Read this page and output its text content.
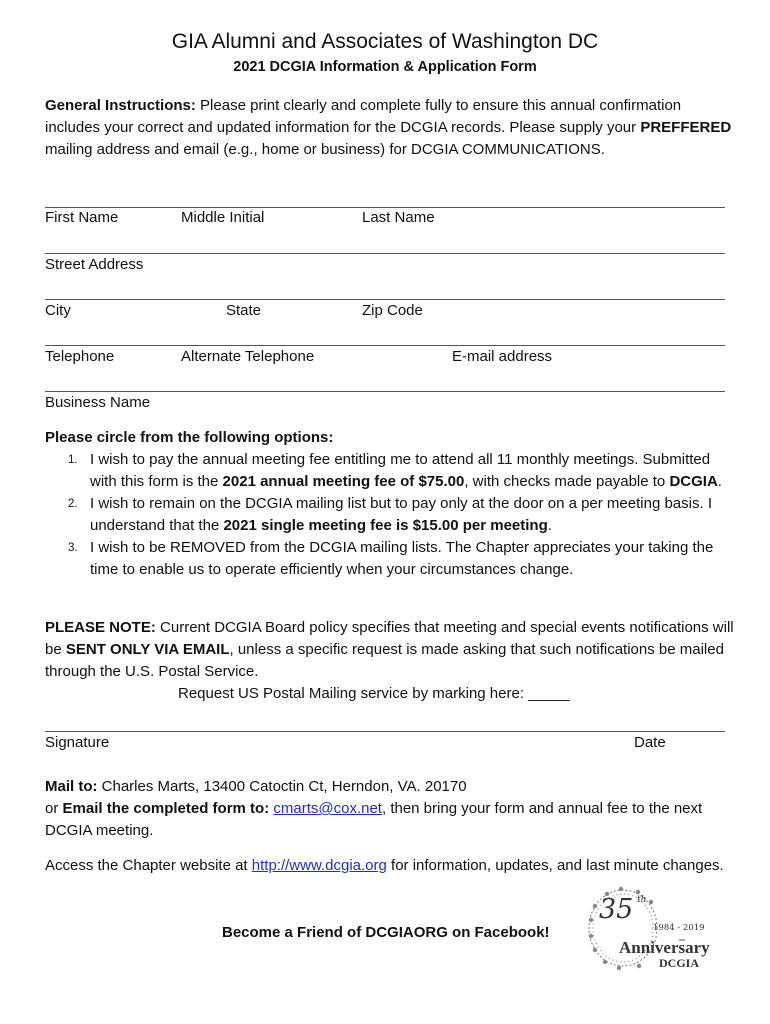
GIA Alumni and Associates of Washington DC
2021 DCGIA Information & Application Form
General Instructions: Please print clearly and complete fully to ensure this annual confirmation includes your correct and updated information for the DCGIA records. Please supply your PREFFERED mailing address and email (e.g., home or business) for DCGIA COMMUNICATIONS.
First Name	Middle Initial	Last Name
Street Address
City	State	Zip Code
Telephone	Alternate Telephone	E-mail address
Business Name
Please circle from the following options:
1. I wish to pay the annual meeting fee entitling me to attend all 11 monthly meetings. Submitted with this form is the 2021 annual meeting fee of $75.00, with checks made payable to DCGIA.
2. I wish to remain on the DCGIA mailing list but to pay only at the door on a per meeting basis. I understand that the 2021 single meeting fee is $15.00 per meeting.
3. I wish to be REMOVED from the DCGIA mailing lists. The Chapter appreciates your taking the time to enable us to operate efficiently when your circumstances change.
PLEASE NOTE: Current DCGIA Board policy specifies that meeting and special events notifications will be SENT ONLY VIA EMAIL, unless a specific request is made asking that such notifications be mailed through the U.S. Postal Service.
Request US Postal Mailing service by marking here: _____
Signature	Date
Mail to: Charles Marts, 13400 Catoctin Ct, Herndon, VA. 20170
or Email the completed form to: cmarts@cox.net, then bring your form and annual fee to the next DCGIA meeting.
Access the Chapter website at http://www.dcgia.org for information, updates, and last minute changes.
Become a Friend of DCGIAORG on Facebook!
35 th
1984 - 2019
Anniversary
DCGIA
